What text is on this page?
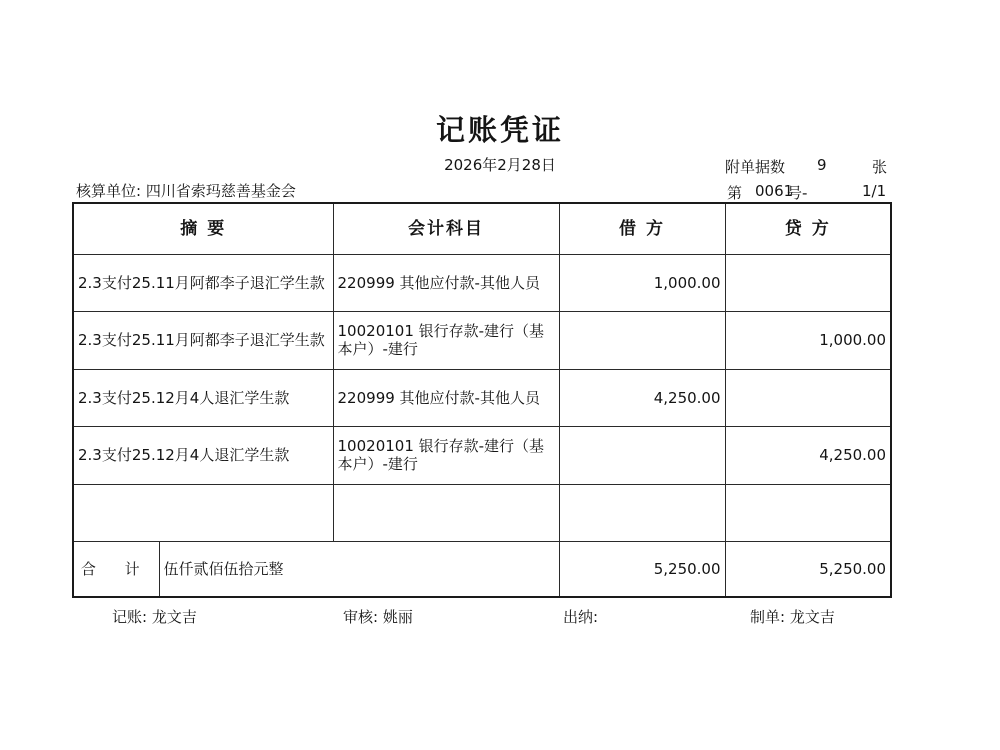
记账凭证
2026年2月28日
核算单位: 四川省索玛慈善基金会
附单据数 9	张
第 0061
号-	1/1
摘 要		会计科目	借 方	贷 方
2.3支付25.11月阿都李子退汇学生款		220999 其他应付款-其他人员	1,000.00	
2.3支付25.11月阿都李子退汇学生款		10020101 银行存款-建行（基本户）-建行		1,000.00
2.3支付25.12月4人退汇学生款		220999 其他应付款-其他人员	4,250.00	
2.3支付25.12月4人退汇学生款		10020101 银行存款-建行（基本户）-建行		4,250.00

合 计	伍仟贰佰伍拾元整		5,250.00	5,250.00
记账: 龙文吉	审核: 姚丽	出纳:	制单: 龙文吉
